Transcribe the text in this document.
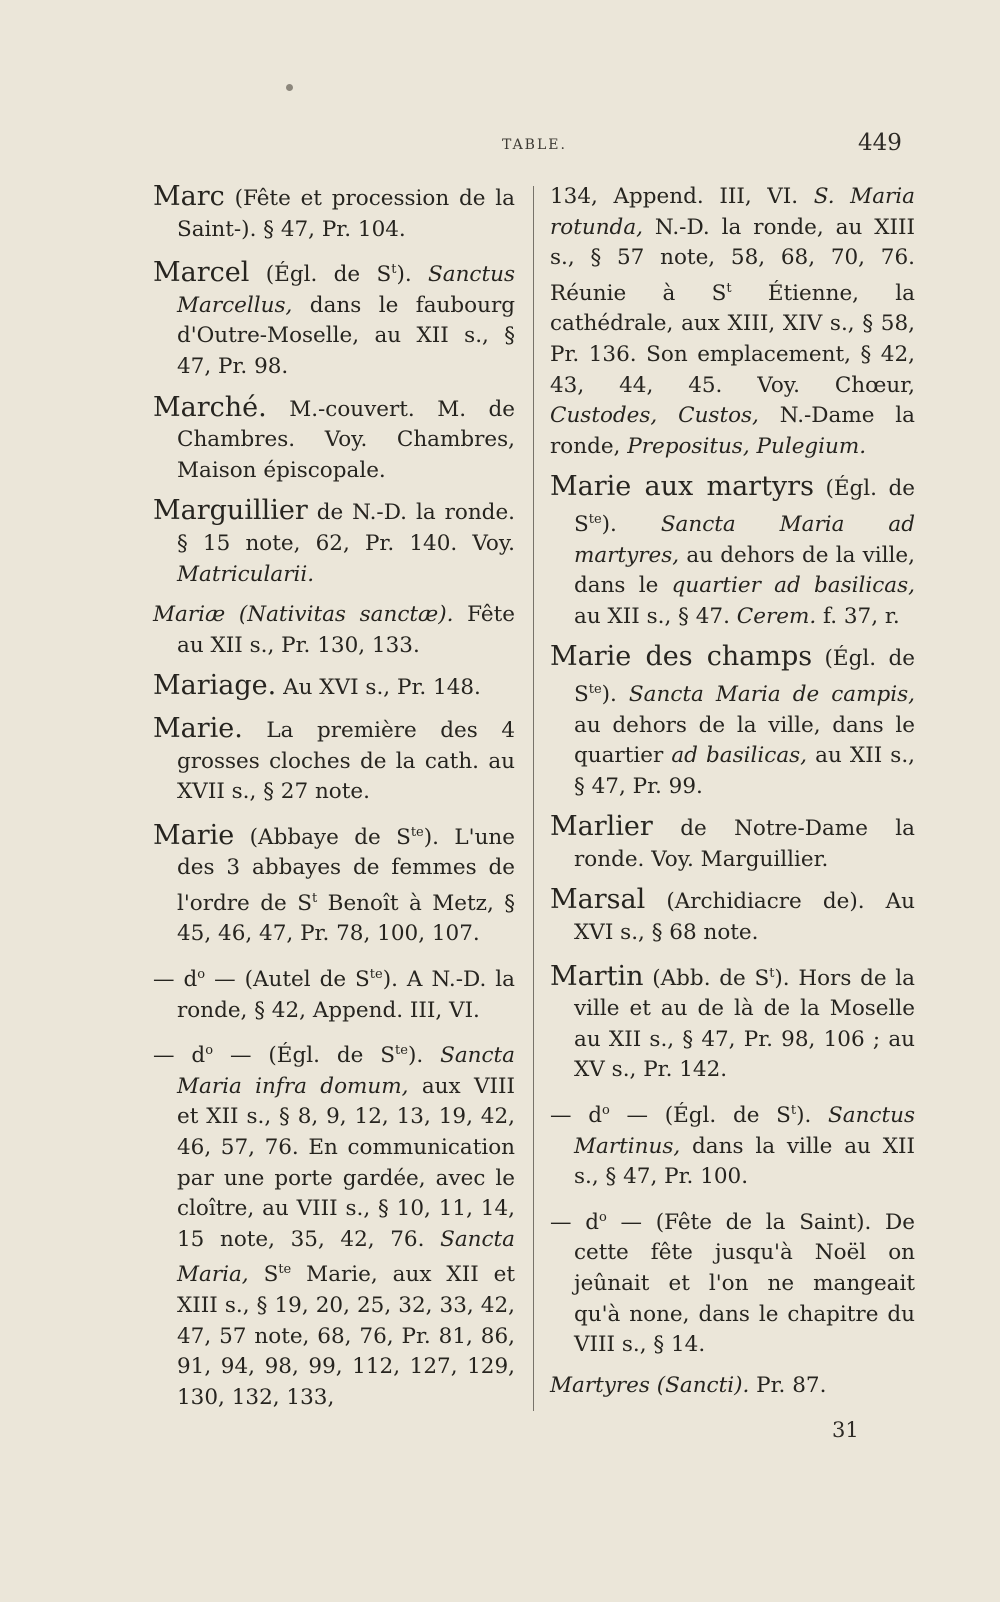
TABLE.	449
Marc (Fête et procession de la Saint-). § 47, Pr. 104.
Marcel (Égl. de $S^t$). Sanctus Marcellus, dans le faubourg d'Outre-Moselle, au XII s., § 47, Pr. 98.
Marché. M.-couvert. M. de Chambres. Voy. Chambres, Maison épiscopale.
Marguillier de N.-D. la ronde. § 15 note, 62, Pr. 140. Voy. Matricularii.
Mariæ (Nativitas sanctæ). Fête au XII s., Pr. 130, 133.
Mariage. Au XVI s., Pr. 148.
Marie. La première des 4 grosses cloches de la cath. au XVII s., § 27 note.
Marie (Abbaye de $S^{te}$). L'une des 3 abbayes de femmes de l'ordre de $S^t$ Benoît à Metz, § 45, 46, 47, Pr. 78, 100, 107.
— $d^o$ — (Autel de $S^{te}$). A N.-D. la ronde, § 42, Append. III, VI.
— $d^o$ — (Égl. de $S^{te}$). Sancta Maria infra domum, aux VIII et XII s., § 8, 9, 12, 13, 19, 42, 46, 57, 76. En communication par une porte gardée, avec le cloître, au VIII s., § 10, 11, 14, 15 note, 35, 42, 76. Sancta Maria, $S^{te}$ Marie, aux XII et XIII s., § 19, 20, 25, 32, 33, 42, 47, 57 note, 68, 76, Pr. 81, 86, 91, 94, 98, 99, 112, 127, 129, 130, 132, 133,
134, Append. III, VI. S. Maria rotunda, N.-D. la ronde, au XIII s., § 57 note, 58, 68, 70, 76. Réunie à $S^t$ Étienne, la cathédrale, aux XIII, XIV s., § 58, Pr. 136. Son emplacement, § 42, 43, 44, 45. Voy. Chœur, Custodes, Custos, N.-Dame la ronde, Prepositus, Pulegium.
Marie aux martyrs (Égl. de $S^{te}$). Sancta Maria ad martyres, au dehors de la ville, dans le quartier ad basilicas, au XII s., § 47. Cerem. f. 37, r.
Marie des champs (Égl. de $S^{te}$). Sancta Maria de campis, au dehors de la ville, dans le quartier ad basilicas, au XII s., § 47, Pr. 99.
Marlier de Notre-Dame la ronde. Voy. Marguillier.
Marsal (Archidiacre de). Au XVI s., § 68 note.
Martin (Abb. de $S^t$). Hors de la ville et au de là de la Moselle au XII s., § 47, Pr. 98, 106 ; au XV s., Pr. 142.
— $d^o$ — (Égl. de $S^t$). Sanctus Martinus, dans la ville au XII s., § 47, Pr. 100.
— $d^o$ — (Fête de la Saint). De cette fête jusqu'à Noël on jeûnait et l'on ne mangeait qu'à none, dans le chapitre du VIII s., § 14.
Martyres (Sancti). Pr. 87.
31
